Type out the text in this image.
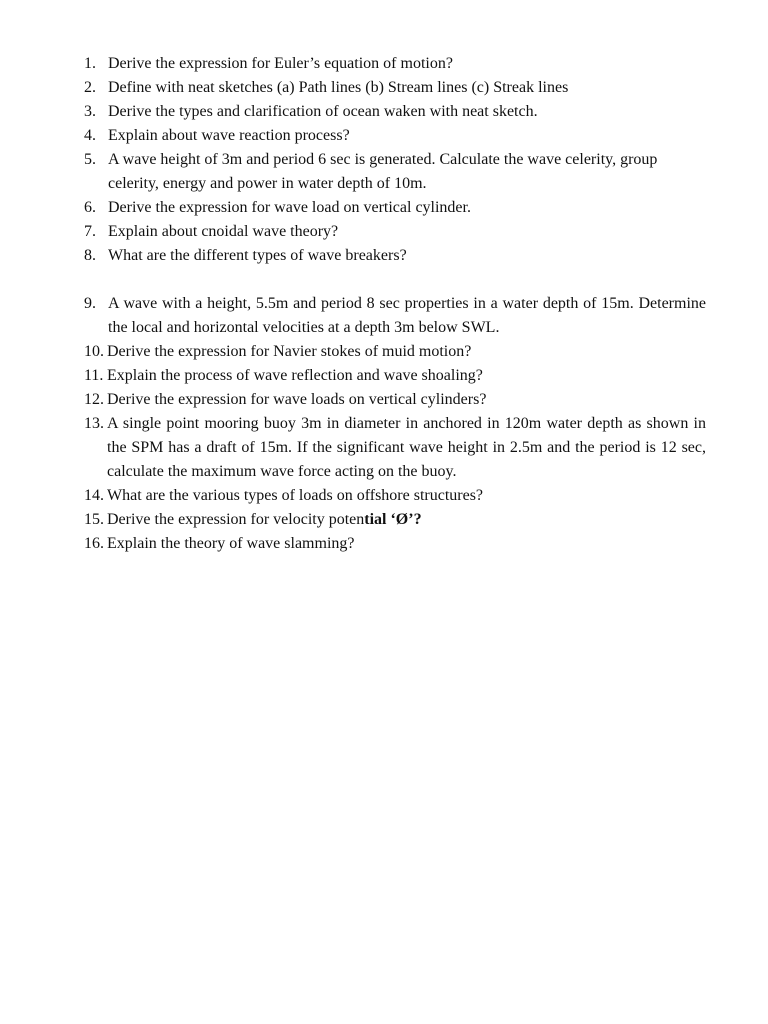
1. Derive the expression for Euler’s equation of motion?
2. Define with neat sketches (a) Path lines (b) Stream lines (c) Streak lines
3. Derive the types and clarification of ocean waken with neat sketch.
4. Explain about wave reaction process?
5. A wave height of 3m and period 6 sec is generated. Calculate the wave celerity, group celerity, energy and power in water depth of 10m.
6. Derive the expression for wave load on vertical cylinder.
7. Explain about cnoidal wave theory?
8. What are the different types of wave breakers?
9. A wave with a height, 5.5m and period 8 sec properties in a water depth of 15m. Determine the local and horizontal velocities at a depth 3m below SWL.
10. Derive the expression for Navier stokes of muid motion?
11. Explain the process of wave reflection and wave shoaling?
12. Derive the expression for wave loads on vertical cylinders?
13. A single point mooring buoy 3m in diameter in anchored in 120m water depth as shown in the SPM has a draft of 15m. If the significant wave height in 2.5m and the period is 12 sec, calculate the maximum wave force acting on the buoy.
14. What are the various types of loads on offshore structures?
15. Derive the expression for velocity potential ‘Ø’?
16. Explain the theory of wave slamming?
